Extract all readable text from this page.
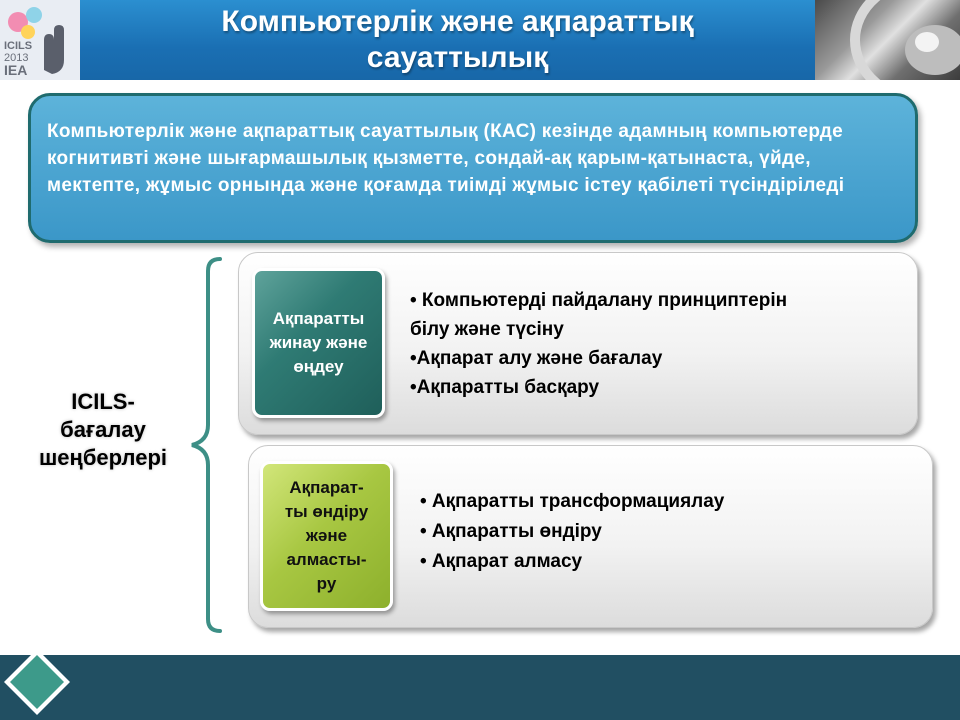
ICILS
2013
IEA
Компьютерлік және ақпараттық
сауаттылық
Компьютерлік және ақпараттық сауаттылық (КАС) кезінде адамның компьютерде когнитивті және шығармашылық қызметте, сондай-ақ қарым-қатынаста, үйде, мектепте, жұмыс орнында және қоғамда тиімді жұмыс істеу қабілеті түсіндіріледі
ICILS-
бағалау
шеңберлері
Ақпаратты
жинау және
өңдеу
• Компьютерді пайдалану принциптерін
білу және түсіну
•Ақпарат алу және бағалау
•Ақпаратты басқару
Ақпарат-
ты өндіру
және
алмасты-
ру
• Ақпаратты трансформациялау
• Ақпаратты өндіру
• Ақпарат алмасу
